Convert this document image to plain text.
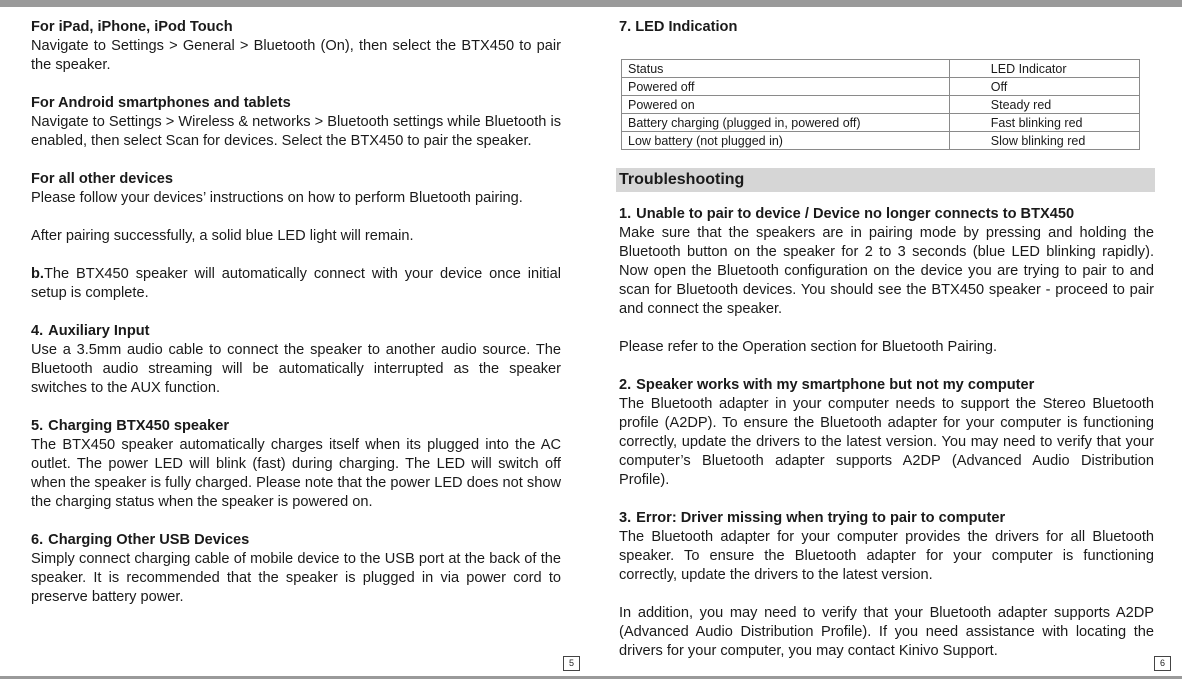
For iPad, iPhone, iPod Touch

Navigate to Settings > General > Bluetooth (On), then select the BTX450 to pair the speaker.

For Android smartphones and tablets

Navigate to Settings > Wireless & networks > Bluetooth settings while Bluetooth is enabled, then select Scan for devices. Select the BTX450 to pair the speaker.

For all other devices

Please follow your devices’ instructions on how to perform Bluetooth pairing.

After pairing successfully, a solid blue LED light will remain.

b.The BTX450 speaker will automatically connect with your device once initial setup is complete.

4. Auxiliary Input

Use a 3.5mm audio cable to connect the speaker to another audio source. The Bluetooth audio streaming will be automatically interrupted as the speaker switches to the AUX function.

5. Charging BTX450 speaker

The BTX450 speaker automatically charges itself when its plugged into the AC outlet. The power LED will blink (fast) during charging. The LED will switch off when the speaker is fully charged. Please note that the power LED does not show the charging status when the speaker is powered on.

6. Charging Other USB Devices

Simply connect charging cable of mobile device to the USB port at the back of the speaker. It is recommended that the speaker is plugged in via power cord to preserve battery power.

5
7. LED Indication
Status	LED Indicator
Powered off	Off
Powered on	Steady red
Battery charging (plugged in, powered off)	Fast blinking red
Low battery (not plugged in)	Slow blinking red
Troubleshooting
1. Unable to pair to device / Device no longer connects to BTX450

Make sure that the speakers are in pairing mode by pressing and holding the Bluetooth button on the speaker for 2 to 3 seconds (blue LED blinking rapidly). Now open the Bluetooth configuration on the device you are trying to pair to and scan for Bluetooth devices. You should see the BTX450 speaker - proceed to pair and connect the speaker.

Please refer to the Operation section for Bluetooth Pairing.

2. Speaker works with my smartphone but not my computer

The Bluetooth adapter in your computer needs to support the Stereo Bluetooth profile (A2DP). To ensure the Bluetooth adapter for your computer is functioning correctly, update the drivers to the latest version. You may need to verify that your computer’s Bluetooth adapter supports A2DP (Advanced Audio Distribution Profile).

3. Error: Driver missing when trying to pair to computer

The Bluetooth adapter for your computer provides the drivers for all Bluetooth speaker. To ensure the Bluetooth adapter for your computer is functioning correctly, update the drivers to the latest version.

In addition, you may need to verify that your Bluetooth adapter supports A2DP (Advanced Audio Distribution Profile). If you need assistance with locating the drivers for your computer, you may contact Kinivo Support.

6
